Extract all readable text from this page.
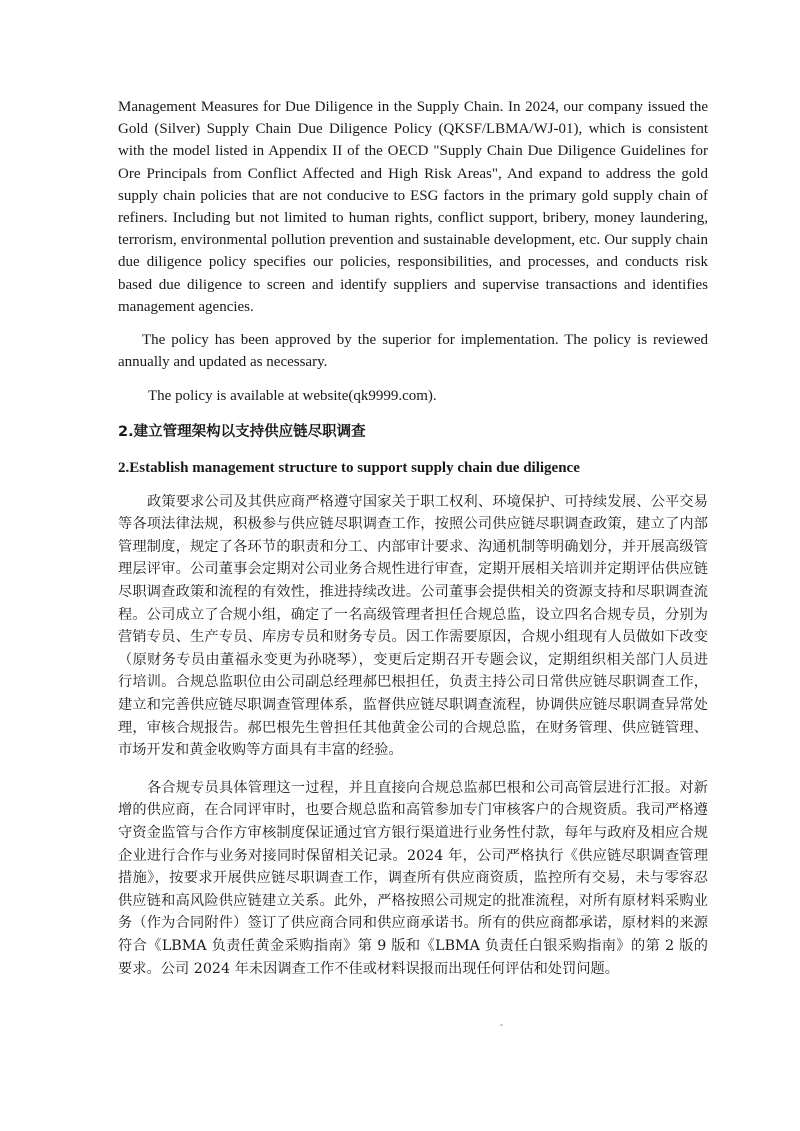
Management Measures for Due Diligence in the Supply Chain. In 2024, our company issued the Gold (Silver) Supply Chain Due Diligence Policy (QKSF/LBMA/WJ-01), which is consistent with the model listed in Appendix II of the OECD "Supply Chain Due Diligence Guidelines for Ore Principals from Conflict Affected and High Risk Areas", And expand to address the gold supply chain policies that are not conducive to ESG factors in the primary gold supply chain of refiners. Including but not limited to human rights, conflict support, bribery, money laundering, terrorism, environmental pollution prevention and sustainable development, etc. Our supply chain due diligence policy specifies our policies, responsibilities, and processes, and conducts risk based due diligence to screen and identify suppliers and supervise transactions and identifies management agencies.

The policy has been approved by the superior for implementation. The policy is reviewed annually and updated as necessary.

The policy is available at website(qk9999.com).

2.建立管理架构以支持供应链尽职调查
2.Establish management structure to support supply chain due diligence

政策要求公司及其供应商严格遵守国家关于职工权利、环境保护、可持续发展、公平交易等各项法律法规，积极参与供应链尽职调查工作，按照公司供应链尽职调查政策，建立了内部管理制度，规定了各环节的职责和分工、内部审计要求、沟通机制等明确划分，并开展高级管理层评审。公司董事会定期对公司业务合规性进行审查，定期开展相关培训并定期评估供应链尽职调查政策和流程的有效性，推进持续改进。公司董事会提供相关的资源支持和尽职调查流程。公司成立了合规小组，确定了一名高级管理者担任合规总监，设立四名合规专员，分别为营销专员、生产专员、库房专员和财务专员。因工作需要原因，合规小组现有人员做如下改变（原财务专员由董福永变更为孙晓琴），变更后定期召开专题会议，定期组织相关部门人员进行培训。合规总监职位由公司副总经理郝巴根担任，负责主持公司日常供应链尽职调查工作，建立和完善供应链尽职调查管理体系，监督供应链尽职调查流程，协调供应链尽职调查异常处理，审核合规报告。郝巴根先生曾担任其他黄金公司的合规总监，在财务管理、供应链管理、市场开发和黄金收购等方面具有丰富的经验。

各合规专员具体管理这一过程，并且直接向合规总监郝巴根和公司高管层进行汇报。对新增的供应商，在合同评审时，也要合规总监和高管参加专门审核客户的合规资质。我司严格遵守资金监管与合作方审核制度保证通过官方银行渠道进行业务性付款，每年与政府及相应合规企业进行合作与业务对接同时保留相关记录。2024 年，公司严格执行《供应链尽职调查管理措施》，按要求开展供应链尽职调查工作，调查所有供应商资质，监控所有交易，未与零容忍供应链和高风险供应链建立关系。此外，严格按照公司规定的批准流程，对所有原材料采购业务（作为合同附件）签订了供应商合同和供应商承诺书。所有的供应商都承诺，原材料的来源符合《LBMA 负责任黄金采购指南》第 9 版和《LBMA 负责任白银采购指南》的第 2 版的要求。公司 2024 年未因调查工作不佳或材料误报而出现任何评估和处罚问题。
